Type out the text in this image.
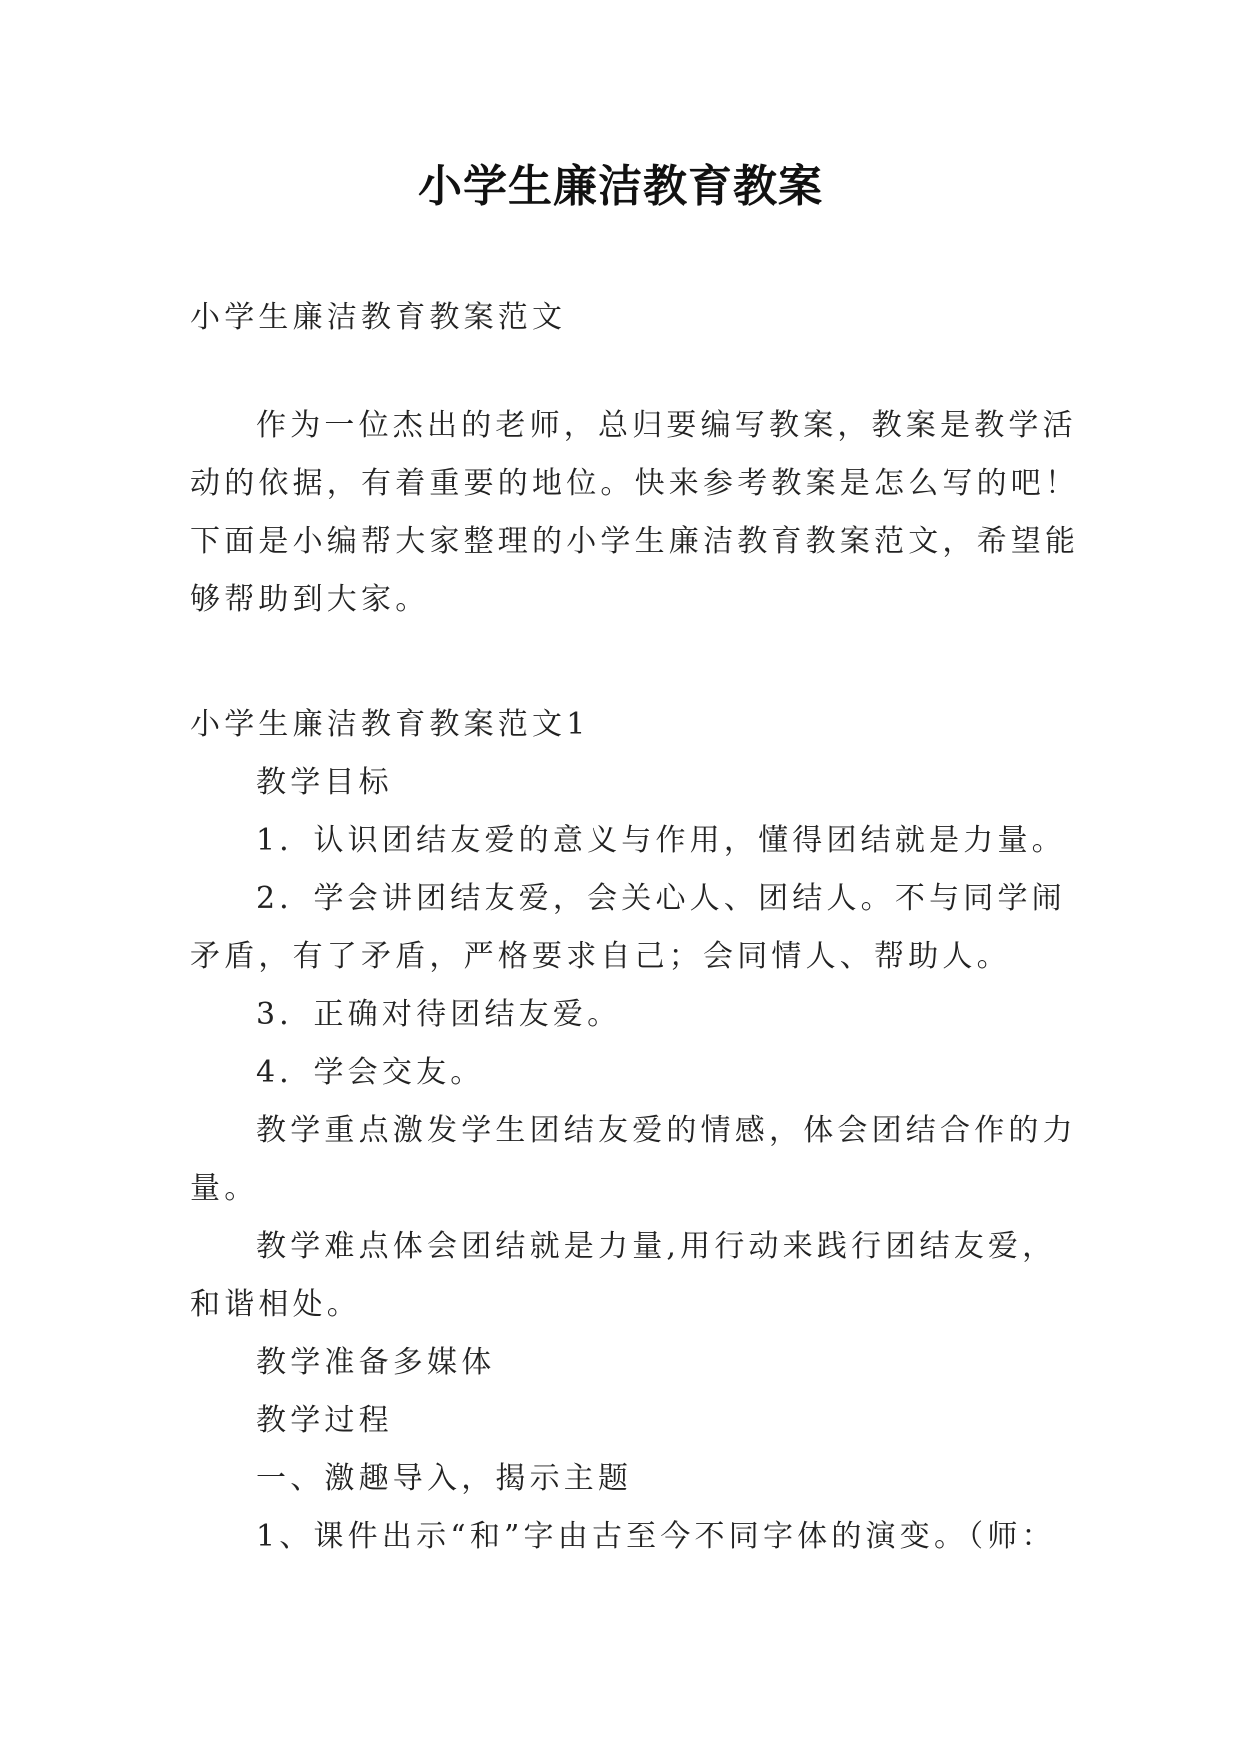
小学生廉洁教育教案
小学生廉洁教育教案范文
作为一位杰出的老师，总归要编写教案，教案是教学活
动的依据，有着重要的地位。快来参考教案是怎么写的吧！
下面是小编帮大家整理的小学生廉洁教育教案范文，希望能
够帮助到大家。
小学生廉洁教育教案范文1
教学目标
1．认识团结友爱的意义与作用，懂得团结就是力量。
2．学会讲团结友爱，会关心人、团结人。不与同学闹
矛盾，有了矛盾，严格要求自己；会同情人、帮助人。
3．正确对待团结友爱。
4．学会交友。
教学重点激发学生团结友爱的情感，体会团结合作的力
量。
教学难点体会团结就是力量,用行动来践行团结友爱，
和谐相处。
教学准备多媒体
教学过程
一、激趣导入，揭示主题
1、课件出示“和”字由古至今不同字体的演变。（师：
